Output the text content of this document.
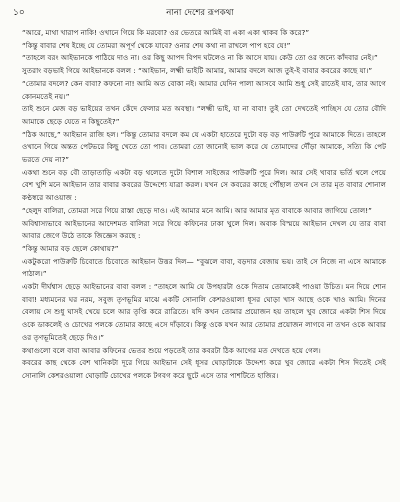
১০	নানা দেশের রূপকথা

“আরে, মাথা খারাপ নাকি! ওখানে গিয়ে কি মরবো? ওর ভেতরে আমিই বা একা একা থাকব কি করে?”

“কিন্তু বাবার শেষ ইচ্ছে যে তোমরা অপূর্ণ থেকে যাবে? ওনার শেষ কথা না রাখলে পাপ হবে যে!”

“তাহলে বরং আইভানকে পাঠিয়ে দাও না। ওর কিছু আপদ বিপদ ঘটলেও না কি আসে যায়। কেউ তো ওর জন্যে কাঁদবার নেই।”

সুতরাং বড়ভাই গিয়ে আইভানকে বলল : “আইভান, লক্ষ্মী ভাইটি আমার, আমার বদলে আজ তুই-ই বাবার কবরের কাছে যা।”

“তোমার বদলে? কেন বাবা? কফনো না! আমি অত বোকা নই। আমার যেদিন পালা আসবে আমি শুধু সেই রাতেই যাব, তার আগে কোনমতেই নয়।”

তাই শুনে মেজ বড় ভাইয়ের তখন কেঁদে ফেলার মত অবস্থা। “লক্ষ্মী ভাই, যা না বাবা! তুই তো দেখতেই পাচ্ছিস যে তোর বৌদি আমাকে ছেড়ে যেতে ন কিছুতেই?”

“ঠিক আছে,” আইভান রাজি হল। “কিন্তু তোমার বদলে কম যে একটা হাতেরে দুটো বড় বড় পাউরুটি পুরে আমাকে দিতে। তাহলে ওখানে গিয়ে অন্তত পেটভরে কিছু খেতে তো পাব। তোমরা তো জানোই ভাল করে যে তোমাদের দৌঁড়া আমাকে, সত্যি কি পেট ভরতে দেয় না?”

একথা শুনে বড় বৌ তাড়াতাড়ি একটা বড় থলেতে দুটো বিশাল সাইজের পাউরুটি পুরে দিল। আর সেই খাবার ভর্তি থলে পেয়ে বেশ খুশি মনে আইভান তার বাবার কবরের উদ্দেশ্যে যাত্রা করল। যখন সে কবরের কাছে পৌঁছাল তখন সে তার মৃত বাবার শোনাল কণ্ঠস্বরে আওয়াজ :

“হেলুদ বালিরা, তোমরা সরে গিয়ে রাস্তা ছেড়ে দাও। এই আমার মনে আমি। আর আমার মৃত বাবাকে আবার জাগিয়ে তোল!”

অবিশ্বাস্যভাবে আইভানের আদেশমত বালিরা সরে গিয়ে কফিনের ঢাকা খুলে দিল। অবাক বিস্ময়ে আইভান দেখল যে তার বাবা আবার জেগে উঠে তাকে জিজ্ঞেস করছে :

“কিন্তু আমার বড় ছেলে কোথায়?”

একটুকরো পাউরুটি চিবোতে চিবোতে আইভান উত্তর দিল— “বুঝলে বাবা, বড়দার বেজায় ভয়। তাই সে নিজে না এসে আমাকে পাঠাল।”

একটা দীর্ঘশ্বাস ছেড়ে আইভানের বাবা বলল : “তাহলে আমি যে উপহারটা ওকে দিতাম তোমাকেই পাওয়া উচিত। মন দিয়ে শোন বাবা! মধ্যমনের ঘর নরম, সবুজ তৃণভূমির মাঝে একটি সোনালি কেশরওয়ালা ধূসর ঘোড়া খাস আছে ওকে খাও আমি। দিনের বেলায় সে শুধু ঘাসই খেয়ে চলে আর তৃপ্তি করে রাত্রিতে। যদি কখন তোমার প্রয়োজন হয় তাহলে খুব জোরে একটা শিস দিয়ে ওকে ডাকলেই ও চোখের পলকে তোমার কাছে এসে দাঁড়াবে। কিন্তু ওকে যখন আর তোমার প্রয়োজন লাগবে না তখন ওকে আবার ওর তৃণভূমিতেই ছেড়ে দিও।”

কথাগুলো বলে বাবা আবার কফিনের ভেতর শুয়ে পড়তেই তার কবরটা ঠিক আগের মত দেখতে হয়ে গেল।

কবরের কাছ থেকে বেশ খানিকটা দূরে গিয়ে আইভান সেই ধূসর ঘোড়াটাকে উদ্দেশ্য করে খুব জোরে একটা শিস দিতেই সেই সোনালি কেশরওয়ালা ঘোড়াটি চোখের পলকে টগবগ করে ছুটে এসে তার পাশটিতে হাজির।
